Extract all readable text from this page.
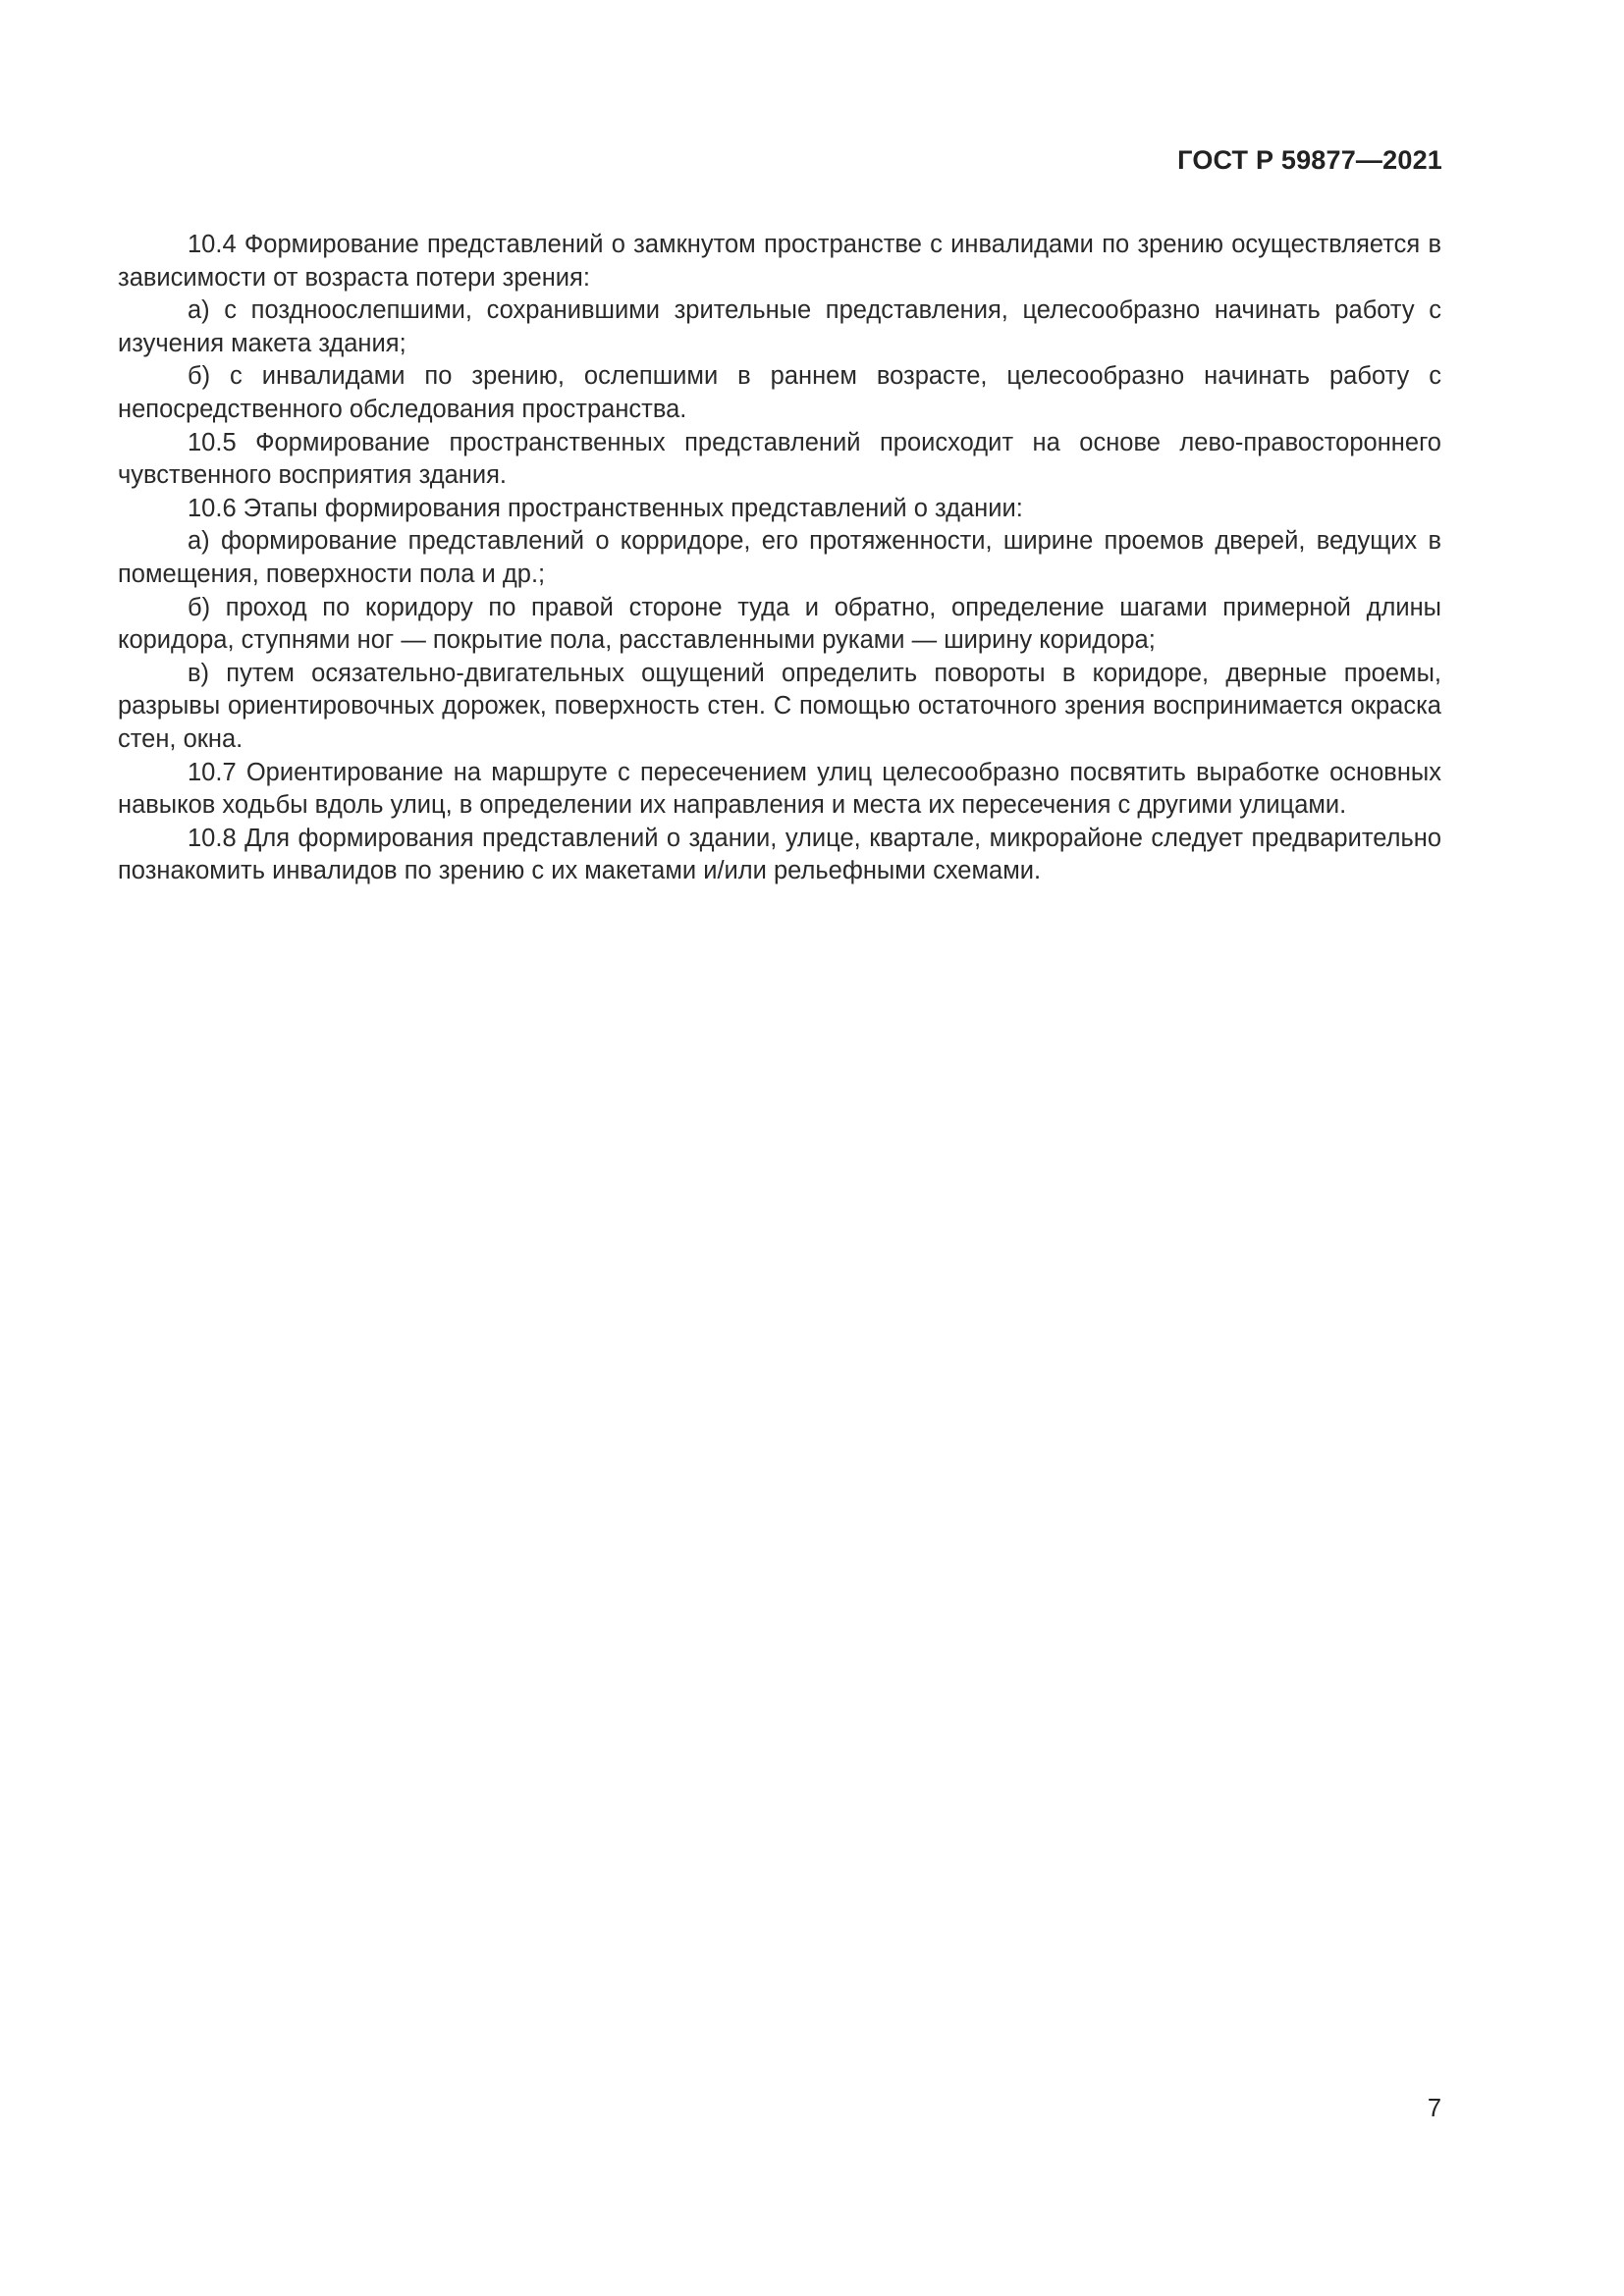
ГОСТ Р 59877—2021

10.4 Формирование представлений о замкнутом пространстве с инвалидами по зрению осуществляется в зависимости от возраста потери зрения:

а) с поздноослепшими, сохранившими зрительные представления, целесообразно начинать работу с изучения макета здания;

б) с инвалидами по зрению, ослепшими в раннем возрасте, целесообразно начинать работу с непосредственного обследования пространства.

10.5 Формирование пространственных представлений происходит на основе лево-правостороннего чувственного восприятия здания.

10.6 Этапы формирования пространственных представлений о здании:

а) формирование представлений о корридоре, его протяженности, ширине проемов дверей, ведущих в помещения, поверхности пола и др.;

б) проход по коридору по правой стороне туда и обратно, определение шагами примерной длины коридора, ступнями ног — покрытие пола, расставленными руками — ширину коридора;

в) путем осязательно-двигательных ощущений определить повороты в коридоре, дверные проемы, разрывы ориентировочных дорожек, поверхность стен. С помощью остаточного зрения воспринимается окраска стен, окна.

10.7 Ориентирование на маршруте с пересечением улиц целесообразно посвятить выработке основных навыков ходьбы вдоль улиц, в определении их направления и места их пересечения с другими улицами.

10.8 Для формирования представлений о здании, улице, квартале, микрорайоне следует предварительно познакомить инвалидов по зрению с их макетами и/или рельефными схемами.

7
